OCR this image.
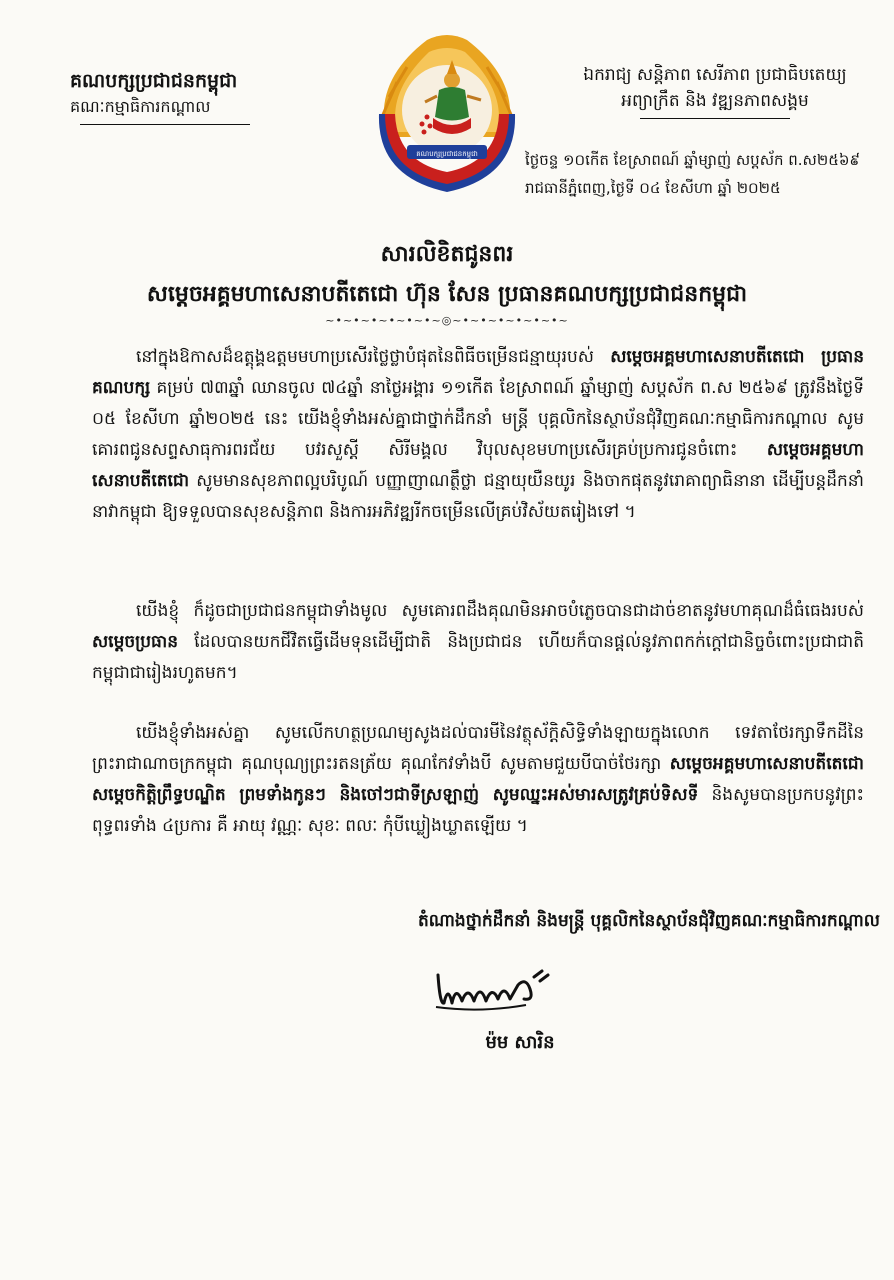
គណបក្សប្រជាជនកម្ពុជា
គណៈកម្មាធិការកណ្តាល
គណបក្សប្រជាជនកម្ពុជា
ឯករាជ្យ សន្តិភាព សេរីភាព ប្រជាធិបតេយ្យ
អព្យាក្រឹត និង វឌ្ឍនភាពសង្គម
ថ្ងៃចន្ទ ១០កើត ខែស្រាពណ៍ ឆ្នាំម្សាញ់ សប្តស័ក ព.ស២៥៦៩
រាជធានីភ្នំពេញ,ថ្ងៃទី ០៤ ខែសីហា ឆ្នាំ ២០២៥
សារលិខិតជូនពរ
សម្តេចអគ្គមហាសេនាបតីតេជោ ហ៊ុន សែន ប្រធានគណបក្សប្រជាជនកម្ពុជា
~•~•~•~•~•~•~◎~•~•~•~•~•~•~
នៅក្នុងឱកាសដ៏ឧត្តុង្គឧត្តមមហាប្រសើរថ្លៃថ្លាបំផុតនៃពិធីចម្រើនជន្មាយុរបស់ សម្តេចអគ្គមហាសេនាបតីតេជោ ប្រធានគណបក្ស គម្រប់ ៧៣ឆ្នាំ ឈានចូល ៧៤ឆ្នាំ នាថ្ងៃអង្គារ ១១កើត ខែស្រាពណ៍ ឆ្នាំម្សាញ់ សប្តស័ក ព.ស ២៥៦៩ ត្រូវនឹងថ្ងៃទី ០៥ ខែសីហា ឆ្នាំ២០២៥ នេះ យើងខ្ញុំទាំងអស់គ្នាជាថ្នាក់ដឹកនាំ មន្ត្រី បុគ្គលិកនៃស្ថាប័នជុំវិញគណៈកម្មាធិការកណ្តាល សូមគោរពជូនសព្ទសាធុការពរជ័យ បវរសួស្តី សិរីមង្គល វិបុលសុខមហាប្រសើរគ្រប់ប្រការជូនចំពោះ សម្តេចអគ្គមហាសេនាបតីតេជោ សូមមានសុខភាពល្អបរិបូណ៍ បញ្ញាញាណត្ថឹថ្លា ជន្មាយុយឺនយូរ និងចាកផុតនូវរោគាព្យាធិនានា ដើម្បីបន្តដឹកនាំនាវាកម្ពុជា ឱ្យទទួលបានសុខសន្តិភាព និងការអភិវឌ្ឍរីកចម្រើនលើគ្រប់វិស័យតរៀងទៅ ។
យើងខ្ញុំ ក៏ដូចជាប្រជាជនកម្ពុជាទាំងមូល សូមគោរពដឹងគុណមិនអាចបំភ្លេចបានជាដាច់ខាតនូវមហាគុណដ៏ធំធេងរបស់ សម្តេចប្រធាន ដែលបានយកជីវិតធ្វើដើមទុនដើម្បីជាតិ និងប្រជាជន ហើយក៏បានផ្តល់នូវភាពកក់ក្តៅជានិច្ចចំពោះប្រជាជាតិកម្ពុជាជារៀងរហូតមក។
យើងខ្ញុំទាំងអស់គ្នា សូមលើកហត្ថប្រណម្យសូងដល់បារមីនៃវត្ថុស័ក្តិសិទ្ធិទាំងឡាយក្នុងលោក ទេវតាថែរក្សាទឹកដីនៃព្រះរាជាណាចក្រកម្ពុជា គុណបុណ្យព្រះរតនត្រ័យ គុណកែវទាំងបី សូមតាមជួយបីបាច់ថែរក្សា សម្តេចអគ្គមហាសេនាបតីតេជោ សម្តេចកិត្តិព្រឹទ្ធបណ្ឌិត ព្រមទាំងកូនៗ និងចៅៗជាទីស្រឡាញ់ សូមឈ្នះអស់មារសត្រូវគ្រប់ទិសទី និងសូមបានប្រកបនូវព្រះពុទ្ធពរទាំង ៤ប្រការ គឺ អាយុ វណ្ណៈ សុខៈ ពលៈ កុំបីឃ្លៀងឃ្លាតឡើយ ។
តំណាងថ្នាក់ដឹកនាំ និងមន្ត្រី បុគ្គលិកនៃស្ថាប័នជុំវិញគណៈកម្មាធិការកណ្តាល
ម៉ម សារិន
